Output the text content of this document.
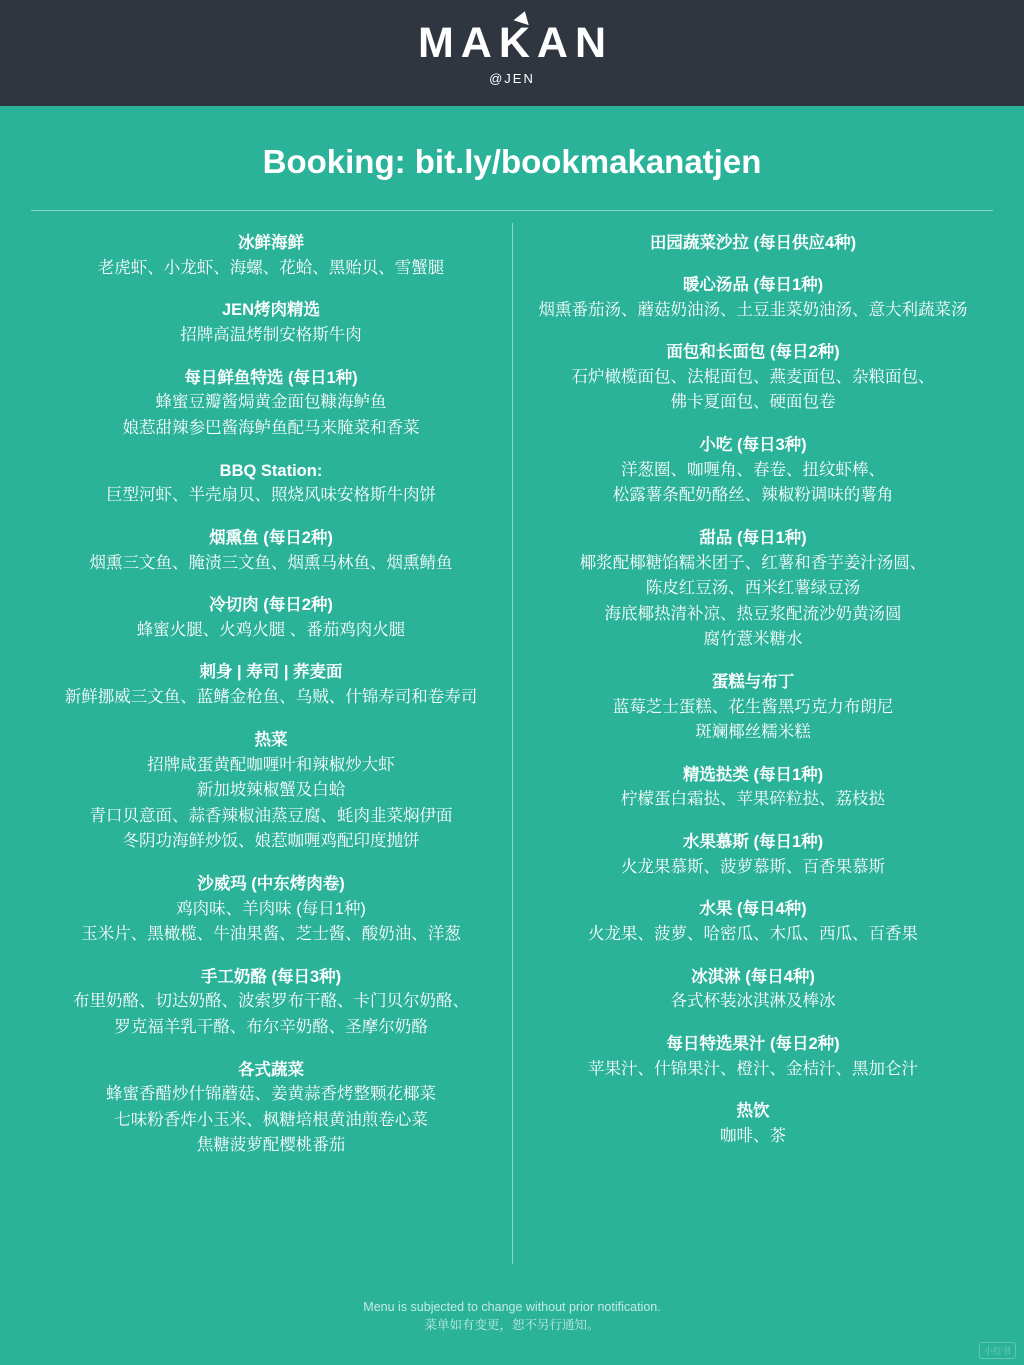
MAKAN
@JEN
Booking: bit.ly/bookmakanatjen
冰鲜海鲜
老虎虾、小龙虾、海螺、花蛤、黑贻贝、雪蟹腿
JEN烤肉精选
招牌高温烤制安格斯牛肉
每日鲜鱼特选 (每日1种)
蜂蜜豆瓣酱焗黄金面包糠海鲈鱼
娘惹甜辣参巴酱海鲈鱼配马来腌菜和香菜
BBQ Station:
巨型河虾、半壳扇贝、照烧风味安格斯牛肉饼
烟熏鱼 (每日2种)
烟熏三文鱼、腌渍三文鱼、烟熏马林鱼、烟熏鲭鱼
冷切肉 (每日2种)
蜂蜜火腿、火鸡火腿 、番茄鸡肉火腿
刺身 | 寿司 | 荞麦面
新鲜挪威三文鱼、蓝鳍金枪鱼、乌贼、什锦寿司和卷寿司
热菜
招牌咸蛋黄配咖喱叶和辣椒炒大虾
新加坡辣椒蟹及白蛤
青口贝意面、蒜香辣椒油蒸豆腐、蚝肉韭菜焖伊面
冬阴功海鲜炒饭、娘惹咖喱鸡配印度抛饼
沙威玛 (中东烤肉卷)
鸡肉味、羊肉味 (每日1种)
玉米片、黑橄榄、牛油果酱、芝士酱、酸奶油、洋葱
手工奶酪 (每日3种)
布里奶酪、切达奶酪、波索罗布干酪、卡门贝尔奶酪、
罗克福羊乳干酪、布尔辛奶酪、圣摩尔奶酪
各式蔬菜
蜂蜜香醋炒什锦蘑菇、姜黄蒜香烤整颗花椰菜
七味粉香炸小玉米、枫糖培根黄油煎卷心菜
焦糖菠萝配樱桃番茄
田园蔬菜沙拉 (每日供应4种)
暖心汤品 (每日1种)
烟熏番茄汤、蘑菇奶油汤、土豆韭菜奶油汤、意大利蔬菜汤
面包和长面包 (每日2种)
石炉橄榄面包、法棍面包、燕麦面包、杂粮面包、
佛卡夏面包、硬面包卷
小吃 (每日3种)
洋葱圈、咖喱角、春卷、扭纹虾棒、
松露薯条配奶酪丝、辣椒粉调味的薯角
甜品 (每日1种)
椰浆配椰糖馅糯米团子、红薯和香芋姜汁汤圆、
陈皮红豆汤、西米红薯绿豆汤
海底椰热清补凉、热豆浆配流沙奶黄汤圆
腐竹薏米糖水
蛋糕与布丁
蓝莓芝士蛋糕、花生酱黑巧克力布朗尼
斑斓椰丝糯米糕
精选挞类 (每日1种)
柠檬蛋白霜挞、苹果碎粒挞、荔枝挞
水果慕斯 (每日1种)
火龙果慕斯、菠萝慕斯、百香果慕斯
水果 (每日4种)
火龙果、菠萝、哈密瓜、木瓜、西瓜、百香果
冰淇淋 (每日4种)
各式杯装冰淇淋及棒冰
每日特选果汁 (每日2种)
苹果汁、什锦果汁、橙汁、金桔汁、黑加仑汁
热饮
咖啡、茶
Menu is subjected to change without prior notification.
菜单如有变更，恕不另行通知。
小红书
